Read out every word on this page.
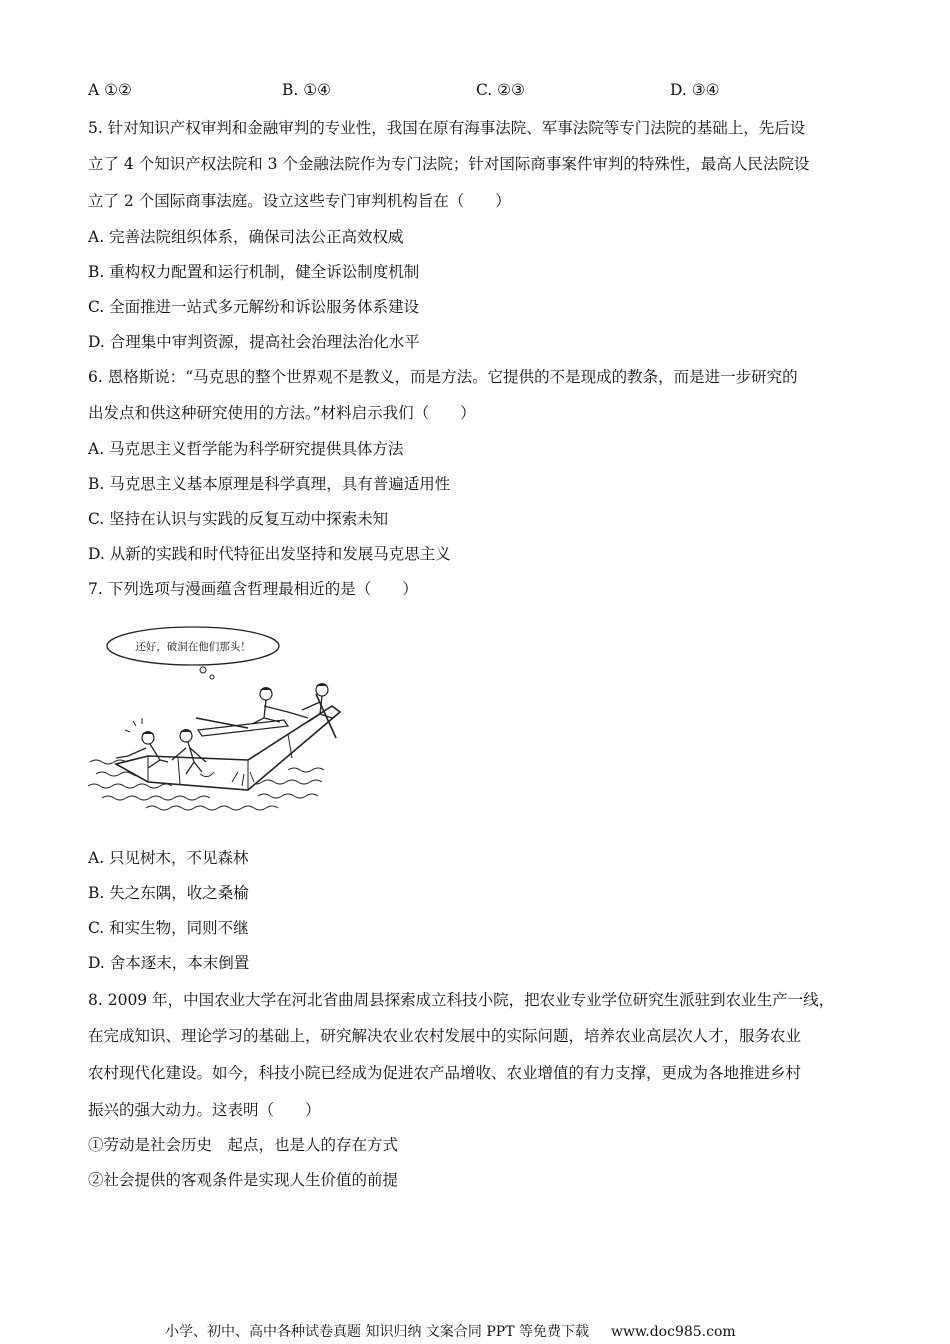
A ①②	B. ①④	C. ②③	D. ③④
5. 针对知识产权审判和金融审判的专业性，我国在原有海事法院、军事法院等专门法院的基础上，先后设
立了 4 个知识产权法院和 3 个金融法院作为专门法院；针对国际商事案件审判的特殊性，最高人民法院设
立了 2 个国际商事法庭。设立这些专门审判机构旨在（　　）
A. 完善法院组织体系，确保司法公正高效权威
B. 重构权力配置和运行机制，健全诉讼制度机制
C. 全面推进一站式多元解纷和诉讼服务体系建设
D. 合理集中审判资源，提高社会治理法治化水平
6. 恩格斯说：“马克思的整个世界观不是教义，而是方法。它提供的不是现成的教条，而是进一步研究的
出发点和供这种研究使用的方法。”材料启示我们（　　）
A. 马克思主义哲学能为科学研究提供具体方法
B. 马克思主义基本原理是科学真理，具有普遍适用性
C. 坚持在认识与实践的反复互动中探索未知
D. 从新的实践和时代特征出发坚持和发展马克思主义
7. 下列选项与漫画蕴含哲理最相近的是（　　）
还好，破洞在他们那头！
A. 只见树木，不见森林
B. 失之东隅，收之桑榆
C. 和实生物，同则不继
D. 舍本逐末，本末倒置
8. 2009 年，中国农业大学在河北省曲周县探索成立科技小院，把农业专业学位研究生派驻到农业生产一线，
在完成知识、理论学习的基础上，研究解决农业农村发展中的实际问题，培养农业高层次人才，服务农业
农村现代化建设。如今，科技小院已经成为促进农产品增收、农业增值的有力支撑，更成为各地推进乡村
振兴的强大动力。这表明（　　）
①劳动是社会历史　起点，也是人的存在方式
②社会提供的客观条件是实现人生价值的前提
小学、初中、高中各种试卷真题 知识归纳 文案合同 PPT 等免费下载 www.doc985.com
